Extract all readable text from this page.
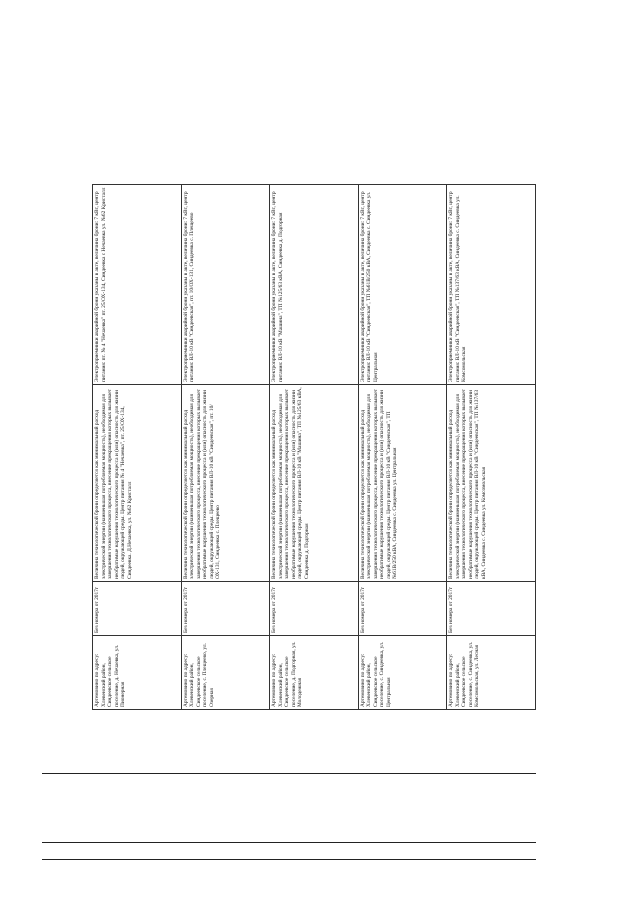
Артемовино по адресу: Хлевенский район, Синдеевское сельское поселение, д. Нечаевка, ул. Пионерная	Без номера от 2017г	Величина технологической брони определяется как минимальный расход электрической энергии (наименьшая потребляемая мощность), необходимая для завершения технологического процесса, внесение прекращения которых вызывает необратимые нарушения технологического процесса и (или) опасность для жизни людей, окружающей среды. Центр питания № 4 "Нечаевка", пт. 25/ОХ-134, Синдеевка. Д.Нечаевка, ул. №62 Кристалл	Электроприемники аварийной брони указаны в акте, величина брони: 7 кВт, центр питания: пт. № 4 "Нечаевка" пт. 25/ОХ-134, Синдеевка с Нечаевка ул. №62 Кристалл
Артемовино по адресу: Хлевенский район, Синдеевское сельское поселение, с. Плещеево, ул. Озерная	Без номера от 2017г	Величина технологической брони определяется как минимальный расход электрической энергии (наименьшая потребляемая мощность), необходимая для завершения технологического процесса, внесение прекращения которых вызывает необратимые нарушения технологического процесса и (или) опасность для жизни людей, окружающей среды. Центр питания ВЛ-10 кВ "Синдеевская", пт. 10/ОХ-131, Синдеевка с. Плещеево	Электроприемники аварийной брони указаны в акте, величина брони: 7 кВт, центр питания: ВЛ-10 кВ "Синдеевская", пт. 10/ОХ-131, Синдеевка с. Плещеево
Артемовино по адресу: Хлевенский район, Синдеевское сельское поселение, д. Подгорная, ул. Молодежная	Без номера от 2017г	Величина технологической брони определяется как минимальный расход электрической энергии (наименьшая потребляемая мощность), необходимая для завершения технологического процесса, внесение прекращения которых вызывает необратимые нарушения технологического процесса и (или) опасность для жизни людей, окружающей среды. Центр питания ВЛ-10 кВ "Машина", ТП №125/63 кВА, Синдеевка д. Подгорная	Электроприемники аварийной брони указаны в акте, величина брони: 7 кВт, центр питания: ВЛ-10 кВ "Машина", ТП №125/63 кВА, Синдеевка д. Подгорная
Артемовино по адресу: Хлевенский район, Синдеевское сельское поселение, с. Синдеевка, ул. Центральная	Без номера от 2017г	Величина технологической брони определяется как минимальный расход электрической энергии (наименьшая потребляемая мощность), необходимая для завершения технологического процесса, внесение прекращения которых вызывает необратимые нарушения технологического процесса и (или) опасность для жизни людей, окружающей среды. Центр питания ВЛ-10 кВ "Синдеевская", ТП №61В/250 кВА, Синдеевка с. Синдеевка ул. Центральная	Электроприемники аварийной брони указаны в акте, величина брони: 7 кВт, центр питания: ВЛ-10 кВ "Синдеевская", ТП №61В/250 кВА, Синдеевка с. Синдеевка ул. Центральная
Артемовино по адресу: Хлевенский район, Синдеевское сельское поселение, с. Синдеевка, ул. Комсомольская, ул. Лесная	Без номера от 2017г	Величина технологической брони определяется как минимальный расход электрической энергии (наименьшая потребляемая мощность), необходимая для завершения технологического процесса, внесение прекращения которых вызывает необратимые нарушения технологического процесса и (или) опасность для жизни людей, окружающей среды. Центр питания ВЛ-10 кВ "Синдеевская", ТП №137/63 кВА, Синдеевка с. Синдеевка ул. Комсомольская	Электроприемники аварийной брони указаны в акте, величина брони: 7 кВт, центр питания: ВЛ-10 кВ "Синдеевская", ТП №137/63 кВА, Синдеевка с. Синдеевка ул. Комсомольская
